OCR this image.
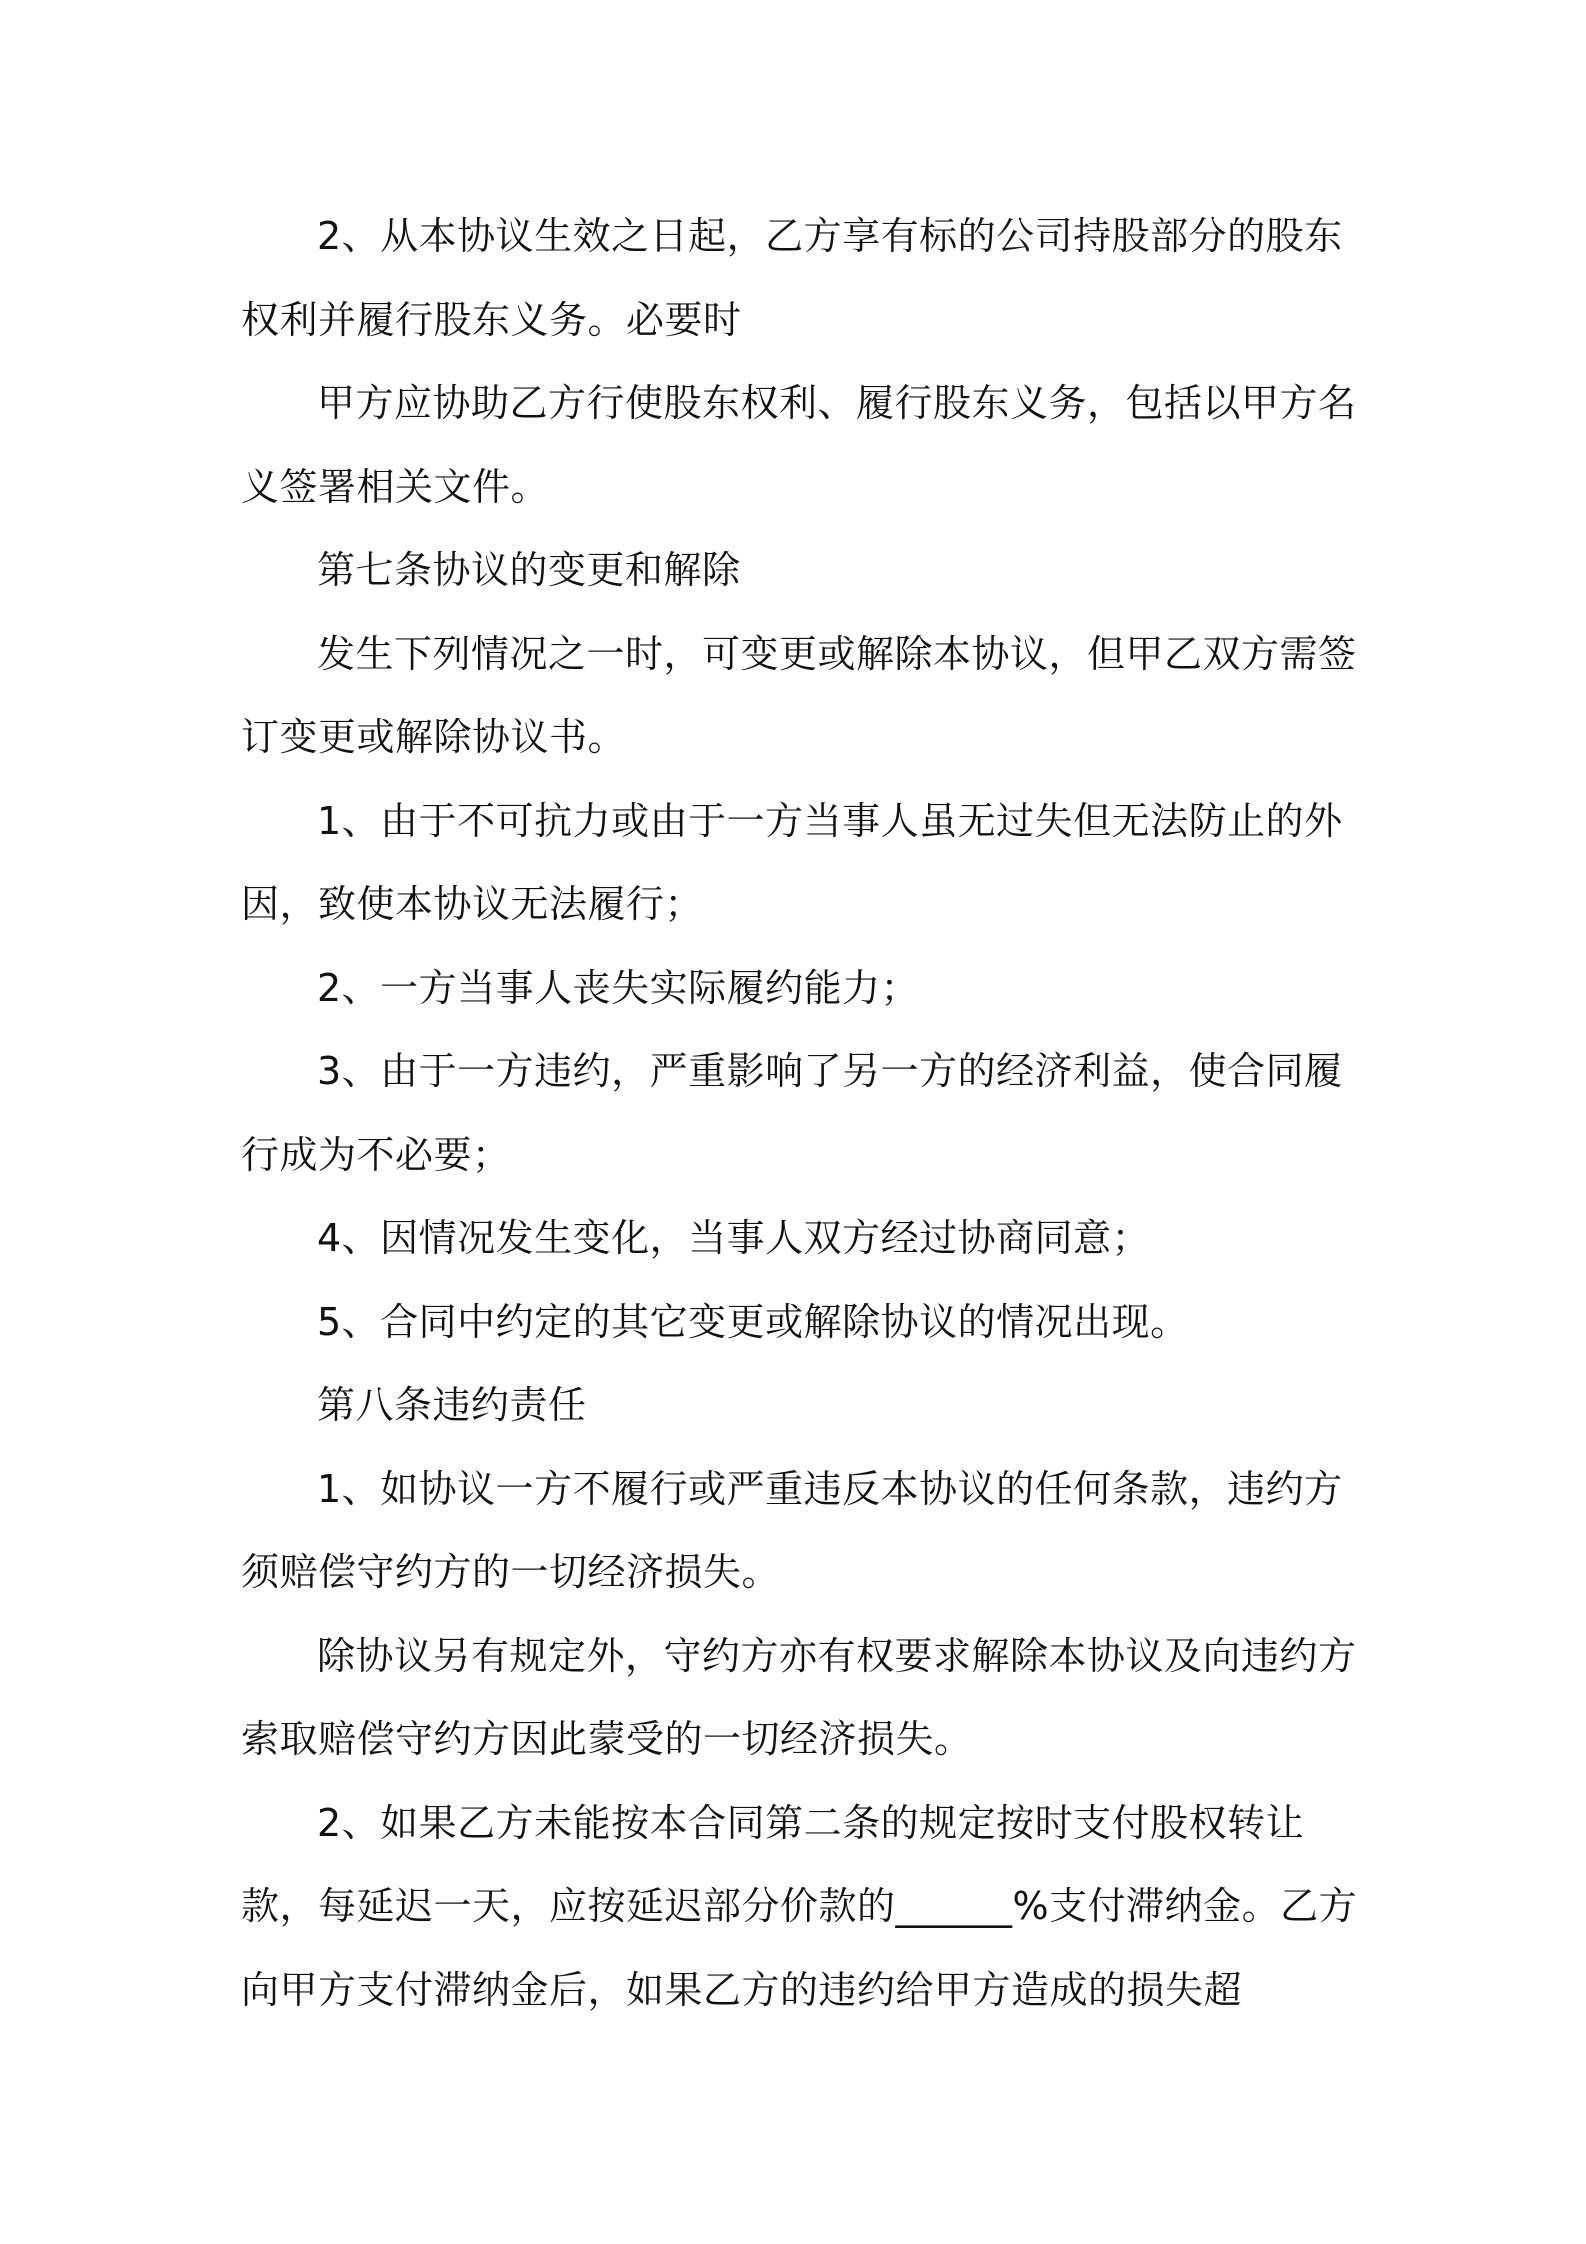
2、从本协议生效之日起，乙方享有标的公司持股部分的股东权利并履行股东义务。必要时

甲方应协助乙方行使股东权利、履行股东义务，包括以甲方名义签署相关文件。

第七条协议的变更和解除

发生下列情况之一时，可变更或解除本协议，但甲乙双方需签订变更或解除协议书。

1、由于不可抗力或由于一方当事人虽无过失但无法防止的外因，致使本协议无法履行；

2、一方当事人丧失实际履约能力；

3、由于一方违约，严重影响了另一方的经济利益，使合同履行成为不必要；

4、因情况发生变化，当事人双方经过协商同意；

5、合同中约定的其它变更或解除协议的情况出现。

第八条违约责任

1、如协议一方不履行或严重违反本协议的任何条款，违约方须赔偿守约方的一切经济损失。

除协议另有规定外，守约方亦有权要求解除本协议及向违约方索取赔偿守约方因此蒙受的一切经济损失。

2、如果乙方未能按本合同第二条的规定按时支付股权转让款，每延迟一天，应按延迟部分价款的______%支付滞纳金。乙方向甲方支付滞纳金后，如果乙方的违约给甲方造成的损失超
